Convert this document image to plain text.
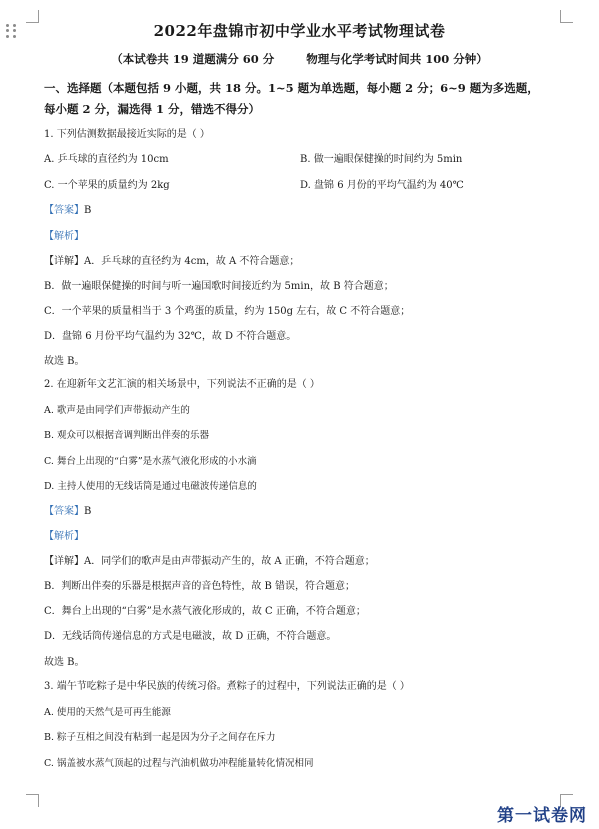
2022年盘锦市初中学业水平考试物理试卷
（本试卷共 19 道题满分 60 分        物理与化学考试时间共 100 分钟）
一、选择题（本题包括 9 小题，共 18 分。1~5 题为单选题，每小题 2 分；6~9 题为多选题，
每小题 2 分，漏选得 1 分，错选不得分）
1. 下列估测数据最接近实际的是（ ）
A. 乒乓球的直径约为 10cm	B. 做一遍眼保健操的时间约为 5min
C. 一个苹果的质量约为 2kg	D. 盘锦 6 月份的平均气温约为 40℃
【答案】B
【解析】
【详解】A．乒乓球的直径约为 4cm，故 A 不符合题意；
B．做一遍眼保健操的时间与听一遍国歌时间接近约为 5min，故 B 符合题意；
C．一个苹果的质量相当于 3 个鸡蛋的质量，约为 150g 左右，故 C 不符合题意；
D．盘锦 6 月份平均气温约为 32℃，故 D 不符合题意。
故选 B。
2. 在迎新年文艺汇演的相关场景中，下列说法不正确的是（ ）
A. 歌声是由同学们声带振动产生的
B. 观众可以根据音调判断出伴奏的乐器
C. 舞台上出现的“白雾”是水蒸气液化形成的小水滴
D. 主持人使用的无线话筒是通过电磁波传递信息的
【答案】B
【解析】
【详解】A．同学们的歌声是由声带振动产生的，故 A 正确，不符合题意；
B．判断出伴奏的乐器是根据声音的音色特性，故 B 错误，符合题意；
C．舞台上出现的“白雾”是水蒸气液化形成的，故 C 正确，不符合题意；
D．无线话筒传递信息的方式是电磁波，故 D 正确，不符合题意。
故选 B。
3. 端午节吃粽子是中华民族的传统习俗。煮粽子的过程中，下列说法正确的是（ ）
A. 使用的天然气是可再生能源
B. 粽子互相之间没有粘到一起是因为分子之间存在斥力
C. 锅盖被水蒸气顶起的过程与汽油机做功冲程能量转化情况相同
第一试卷网
